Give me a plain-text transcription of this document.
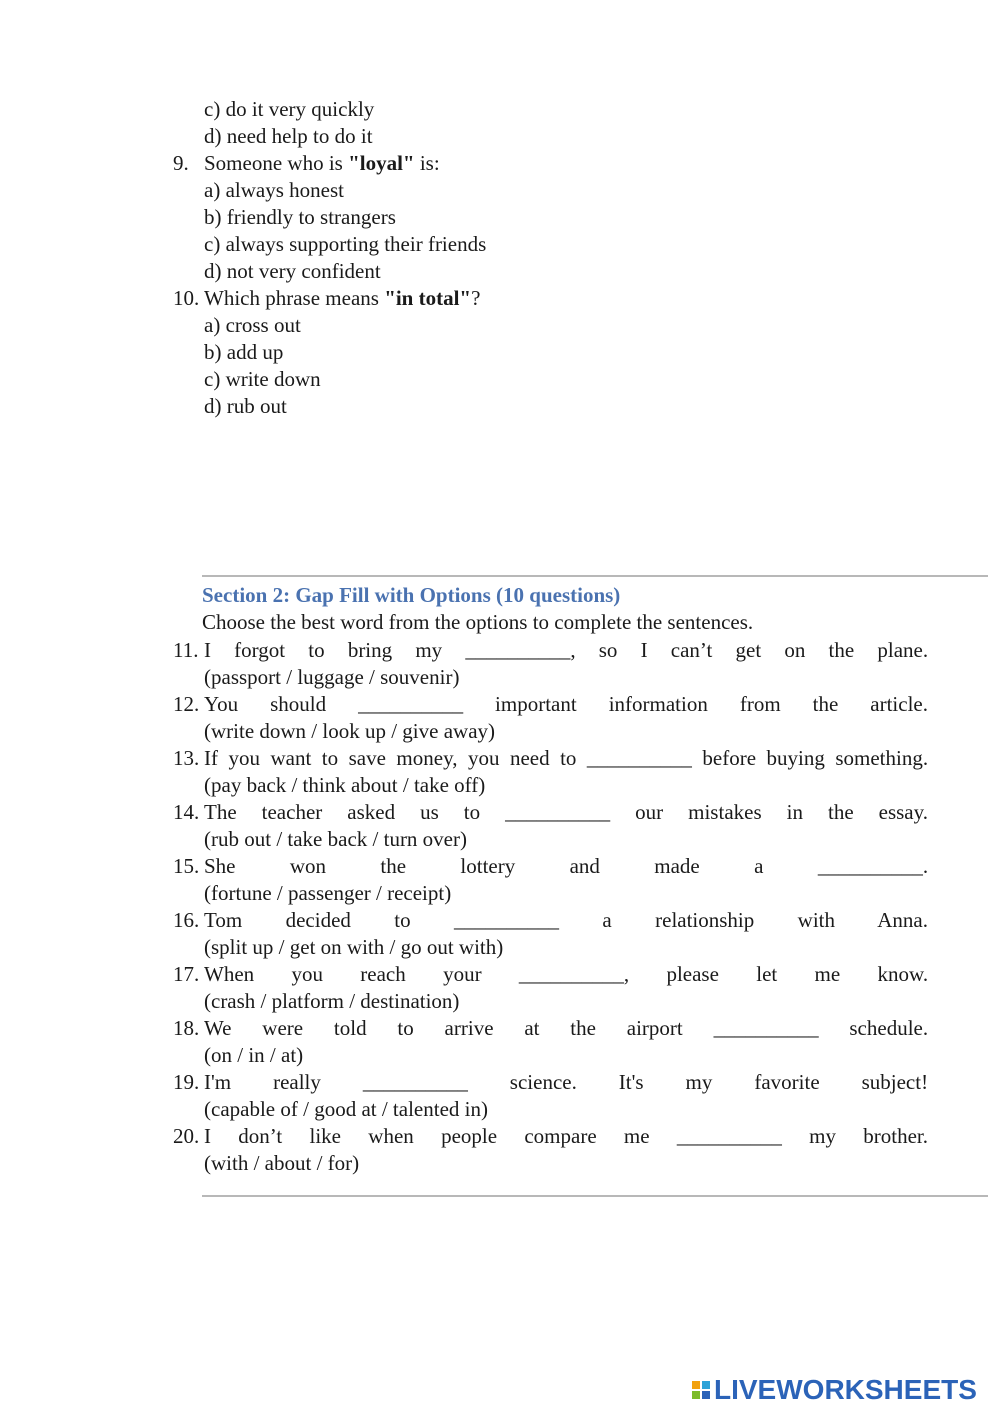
c) do it very quickly
d) need help to do it
9. Someone who is "loyal" is:
a) always honest
b) friendly to strangers
c) always supporting their friends
d) not very confident
10. Which phrase means "in total"?
a) cross out
b) add up
c) write down
d) rub out
Section 2: Gap Fill with Options (10 questions)
Choose the best word from the options to complete the sentences.
11. I forgot to bring my __________, so I can’t get on the plane.
(passport / luggage / souvenir)
12. You should __________ important information from the article.
(write down / look up / give away)
13. If you want to save money, you need to __________ before buying something.
(pay back / think about / take off)
14. The teacher asked us to __________ our mistakes in the essay.
(rub out / take back / turn over)
15. She	won	the	lottery	and	made	a	__________.
(fortune / passenger / receipt)
16. Tom decided to __________ a relationship with Anna.
(split up / get on with / go out with)
17. When you reach your __________, please let me know.
(crash / platform / destination)
18. We were told to arrive at the airport __________ schedule.
(on / in / at)
19. I'm really __________ science. It's my favorite subject!
(capable of / good at / talented in)
20. I don’t like when people compare me __________ my brother.
(with / about / for)
LIVEWORKSHEETS
